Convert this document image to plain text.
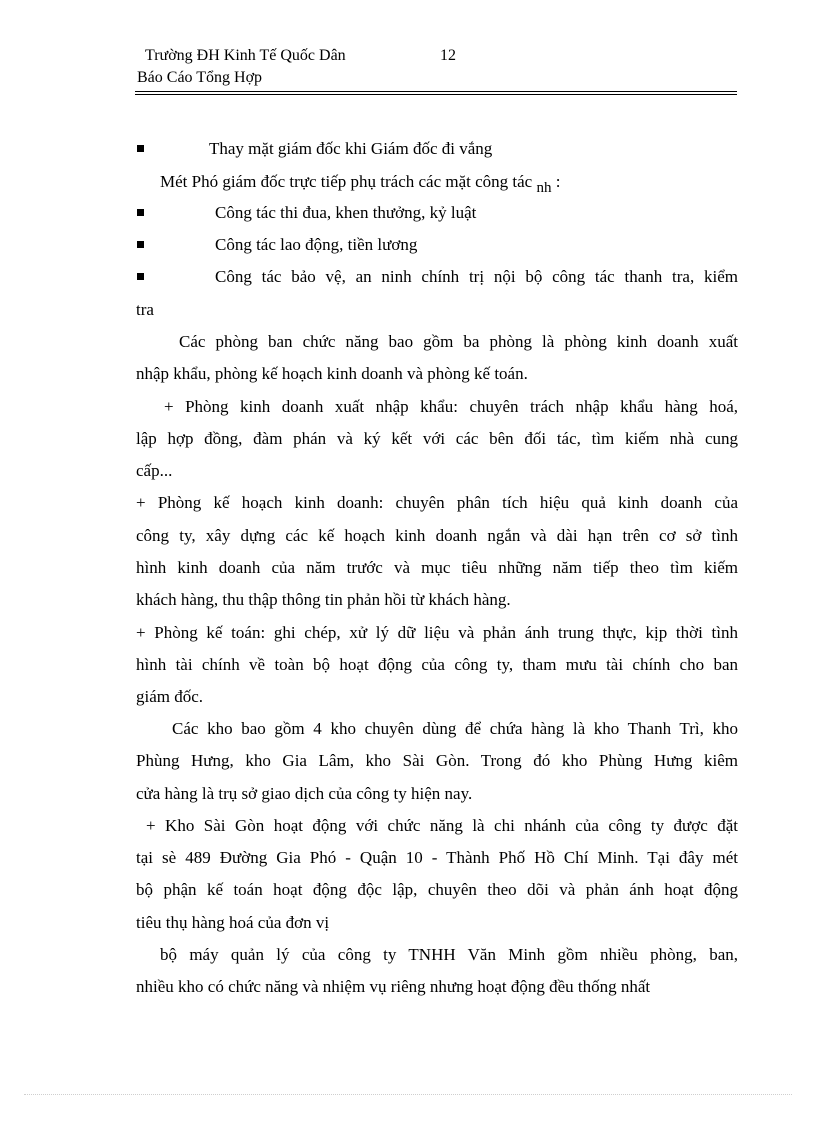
Trường ĐH Kinh Tế Quốc Dân	12
Báo Cáo Tổng Hợp
Thay mặt giám đốc khi Giám đốc đi vắng
Mét Phó giám đốc trực tiếp phụ trách các mặt công tác nh :
Công tác thi đua, khen thưởng, kỷ luật
Công tác lao động, tiền lương
Công tác bảo vệ, an ninh chính trị nội bộ công tác thanh tra, kiểm
tra
Các phòng ban chức năng bao gồm ba phòng là phòng kinh doanh xuất
nhập khẩu, phòng kế hoạch kinh doanh và phòng kế toán.
+ Phòng kinh doanh xuất nhập khẩu: chuyên trách nhập khẩu hàng hoá,
lập hợp đồng, đàm phán và ký kết với các bên đối tác, tìm kiếm nhà cung
cấp...
+ Phòng kế hoạch kinh doanh: chuyên phân tích hiệu quả kinh doanh của
công ty, xây dựng các kế hoạch kinh doanh ngắn và dài hạn trên cơ sở tình
hình kinh doanh của năm trước và mục tiêu những năm tiếp theo tìm kiếm
khách hàng, thu thập thông tin phản hồi từ khách hàng.
+ Phòng kế toán: ghi chép, xử lý dữ liệu và phản ánh trung thực, kịp thời tình
hình tài chính về toàn bộ hoạt động của công ty, tham mưu tài chính cho ban
giám đốc.
Các kho bao gồm 4 kho chuyên dùng để chứa hàng là kho Thanh Trì, kho
Phùng Hưng, kho Gia Lâm, kho Sài Gòn. Trong đó kho Phùng Hưng kiêm
cửa hàng là trụ sở giao dịch của công ty hiện nay.
+ Kho Sài Gòn hoạt động với chức năng là chi nhánh của công ty được đặt
tại sè 489 Đường Gia Phó - Quận 10 - Thành Phố Hồ Chí Minh. Tại đây mét
bộ phận kế toán hoạt động độc lập, chuyên theo dõi và phản ánh hoạt động
tiêu thụ hàng hoá của đơn vị
bộ máy quản lý của công ty TNHH Văn Minh gồm nhiều phòng, ban,
nhiều kho có chức năng và nhiệm vụ riêng nhưng hoạt động đều thống nhất
